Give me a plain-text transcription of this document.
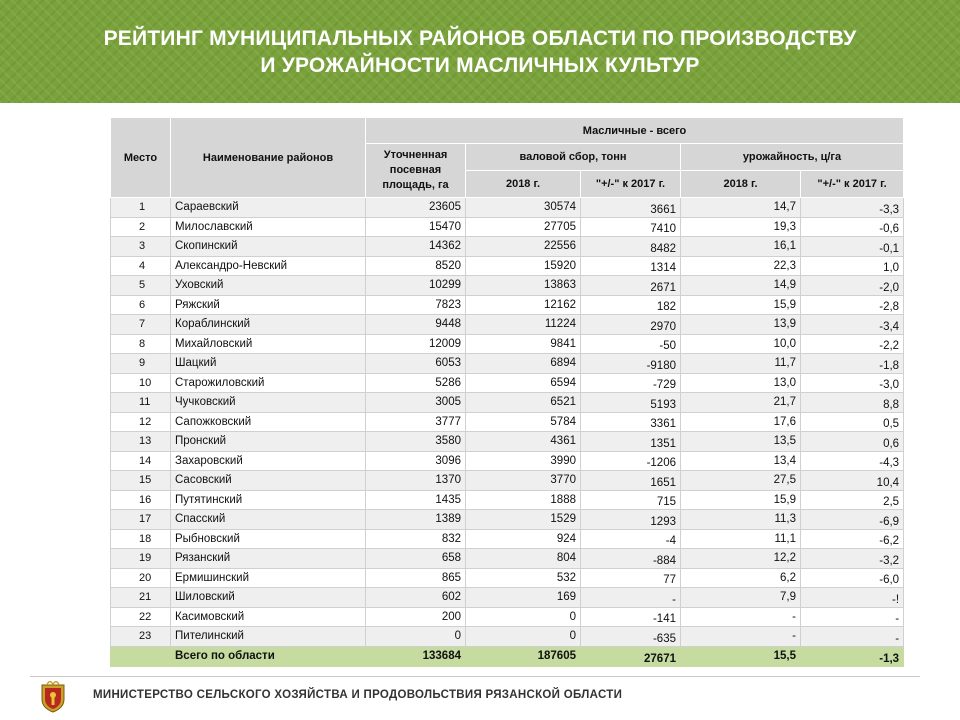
РЕЙТИНГ МУНИЦИПАЛЬНЫХ РАЙОНОВ ОБЛАСТИ ПО ПРОИЗВОДСТВУ
И УРОЖАЙНОСТИ МАСЛИЧНЫХ КУЛЬТУР
Место	Наименование районов	Масличные - всего				
		Уточненная посевная площадь, га	валовой сбор, тонн		урожайность, ц/га	
			2018 г.	"+/-" к 2017 г.	2018 г.	"+/-" к 2017 г.
1	Сараевский	23605	30574	3661	14,7	-3,3
2	Милославский	15470	27705	7410	19,3	-0,6
3	Скопинский	14362	22556	8482	16,1	-0,1
4	Александро-Невский	8520	15920	1314	22,3	1,0
5	Уховский	10299	13863	2671	14,9	-2,0
6	Ряжский	7823	12162	182	15,9	-2,8
7	Кораблинский	9448	11224	2970	13,9	-3,4
8	Михайловский	12009	9841	-50	10,0	-2,2
9	Шацкий	6053	6894	-9180	11,7	-1,8
10	Старожиловский	5286	6594	-729	13,0	-3,0
11	Чучковский	3005	6521	5193	21,7	8,8
12	Сапожковский	3777	5784	3361	17,6	0,5
13	Пронский	3580	4361	1351	13,5	0,6
14	Захаровский	3096	3990	-1206	13,4	-4,3
15	Сасовский	1370	3770	1651	27,5	10,4
16	Путятинский	1435	1888	715	15,9	2,5
17	Спасский	1389	1529	1293	11,3	-6,9
18	Рыбновский	832	924	-4	11,1	-6,2
19	Рязанский	658	804	-884	12,2	-3,2
20	Ермишинский	865	532	77	6,2	-6,0
21	Шиловский	602	169	-	7,9	-!
22	Касимовский	200	0	-141	-	-
23	Пителинский	0	0	-635	-	-
	Всего по области	133684	187605	27671	15,5	-1,3
МИНИСТЕРСТВО СЕЛЬСКОГО ХОЗЯЙСТВА И ПРОДОВОЛЬСТВИЯ РЯЗАНСКОЙ ОБЛАСТИ
